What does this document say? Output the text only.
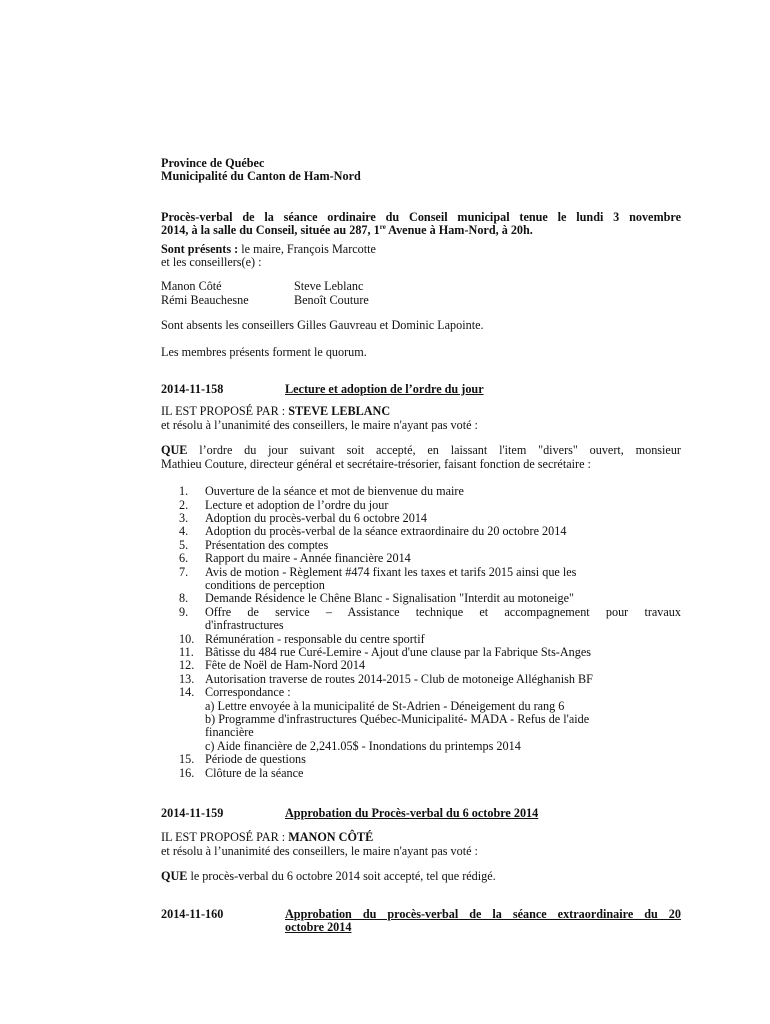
Province de Québec

Municipalité du Canton de Ham-Nord

Procès-verbal de la séance ordinaire du Conseil municipal tenue le lundi 3 novembre

2014, à la salle du Conseil, située au 287, 1re Avenue à Ham-Nord, à 20h.

Sont présents : le maire, François Marcotte

et les conseillers(e) :

Manon Côté	Steve Leblanc
Rémi Beauchesne	Benoît Couture

Sont absents les conseillers Gilles Gauvreau et Dominic Lapointe.

Les membres présents forment le quorum.

2014-11-158	Lecture et adoption de l’ordre du jour

IL EST PROPOSÉ PAR : STEVE LEBLANC

et résolu à l’unanimité des conseillers, le maire n'ayant pas voté :

QUE l’ordre du jour suivant soit accepté, en laissant l'item "divers" ouvert, monsieur

Mathieu Couture, directeur général et secrétaire-trésorier, faisant fonction de secrétaire :

1.	Ouverture de la séance et mot de bienvenue du maire
2.	Lecture et adoption de l’ordre du jour
3.	Adoption du procès-verbal du 6 octobre 2014
4.	Adoption du procès-verbal de la séance extraordinaire du 20 octobre 2014
5.	Présentation des comptes
6.	Rapport du maire - Année financière 2014
7.	Avis de motion - Règlement #474 fixant les taxes et tarifs 2015 ainsi que les
conditions de perception
8.	Demande Résidence le Chêne Blanc - Signalisation "Interdit au motoneige"
9.	Offre de service – Assistance technique et accompagnement pour travaux
d'infrastructures
10. Rémunération - responsable du centre sportif
11. Bâtisse du 484 rue Curé-Lemire - Ajout d'une clause par la Fabrique Sts-Anges
12. Fête de Noël de Ham-Nord 2014
13. Autorisation traverse de routes 2014-2015 - Club de motoneige Alléghanish BF
14. Correspondance :
a) Lettre envoyée à la municipalité de St-Adrien - Déneigement du rang 6
b) Programme d'infrastructures Québec-Municipalité- MADA - Refus de l'aide
financière
c) Aide financière de 2,241.05$ - Inondations du printemps 2014
15. Période de questions
16. Clôture de la séance
2014-11-159	Approbation du Procès-verbal du 6 octobre 2014

IL EST PROPOSÉ PAR : MANON CÔTÉ

et résolu à l’unanimité des conseillers, le maire n'ayant pas voté :

QUE le procès-verbal du 6 octobre 2014 soit accepté, tel que rédigé.

2014-11-160	Approbation du procès-verbal de la séance extraordinaire du 20
octobre 2014
